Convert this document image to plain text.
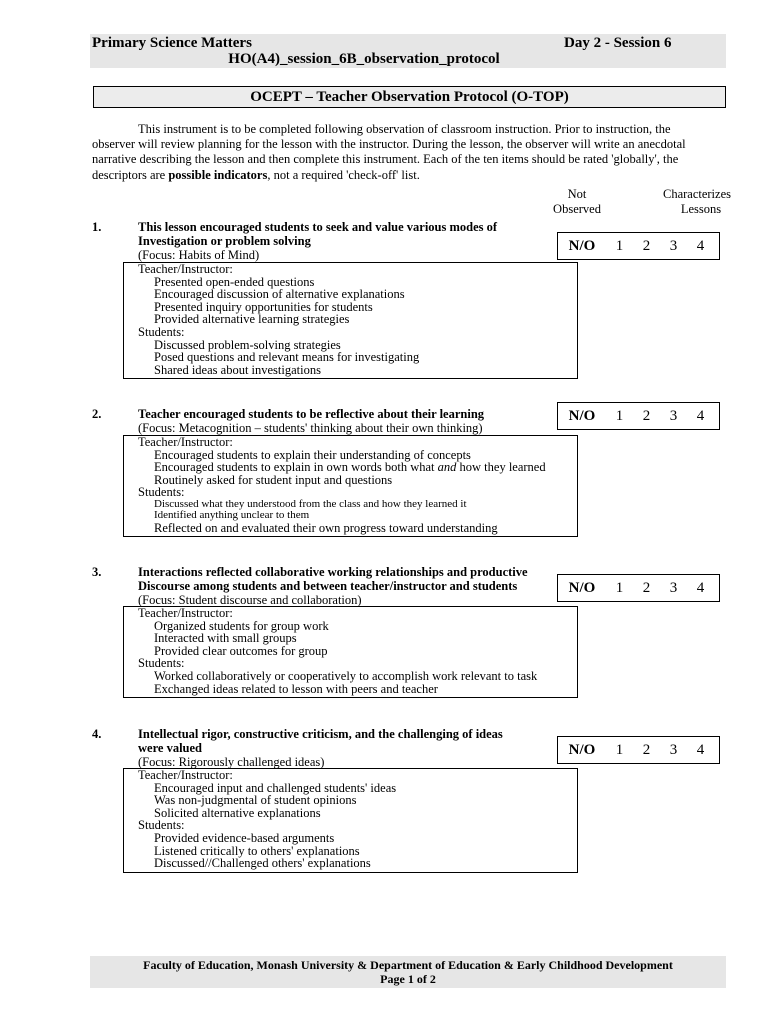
Primary Science Matters	Day 2 - Session 6
HO(A4)_session_6B_observation_protocol
OCEPT – Teacher Observation Protocol (O-TOP)
This instrument is to be completed following observation of classroom instruction. Prior to instruction, the observer will review planning for the lesson with the instructor. During the lesson, the observer will write an anecdotal narrative describing the lesson and then complete this instrument. Each of the ten items should be rated 'globally', the descriptors are possible indicators, not a required 'check-off' list.
Not
Observed
Characterizes
Lessons
1.	This lesson encouraged students to seek and value various modes of
Investigation or problem solving
(Focus: Habits of Mind)
N/O	1	2	3	4
Teacher/Instructor:
Presented open-ended questions
Encouraged discussion of alternative explanations
Presented inquiry opportunities for students
Provided alternative learning strategies
Students:
Discussed problem-solving strategies
Posed questions and relevant means for investigating
Shared ideas about investigations
2.	Teacher encouraged students to be reflective about their learning
(Focus: Metacognition – students' thinking about their own thinking)
N/O	1	2	3	4
Teacher/Instructor:
Encouraged students to explain their understanding of concepts
Encouraged students to explain in own words both what and how they learned
Routinely asked for student input and questions
Students:
Discussed what they understood from the class and how they learned it
Identified anything unclear to them
Reflected on and evaluated their own progress toward understanding
3.	Interactions reflected collaborative working relationships and productive
Discourse among students and between teacher/instructor and students
(Focus: Student discourse and collaboration)
N/O	1	2	3	4
Teacher/Instructor:
Organized students for group work
Interacted with small groups
Provided clear outcomes for group
Students:
Worked collaboratively or cooperatively to accomplish work relevant to task
Exchanged ideas related to lesson with peers and teacher
4.	Intellectual rigor, constructive criticism, and the challenging of ideas
were valued
(Focus: Rigorously challenged ideas)
N/O	1	2	3	4
Teacher/Instructor:
Encouraged input and challenged students' ideas
Was non-judgmental of student opinions
Solicited alternative explanations
Students:
Provided evidence-based arguments
Listened critically to others' explanations
Discussed//Challenged others' explanations
Faculty of Education, Monash University & Department of Education & Early Childhood Development
Page 1 of 2
